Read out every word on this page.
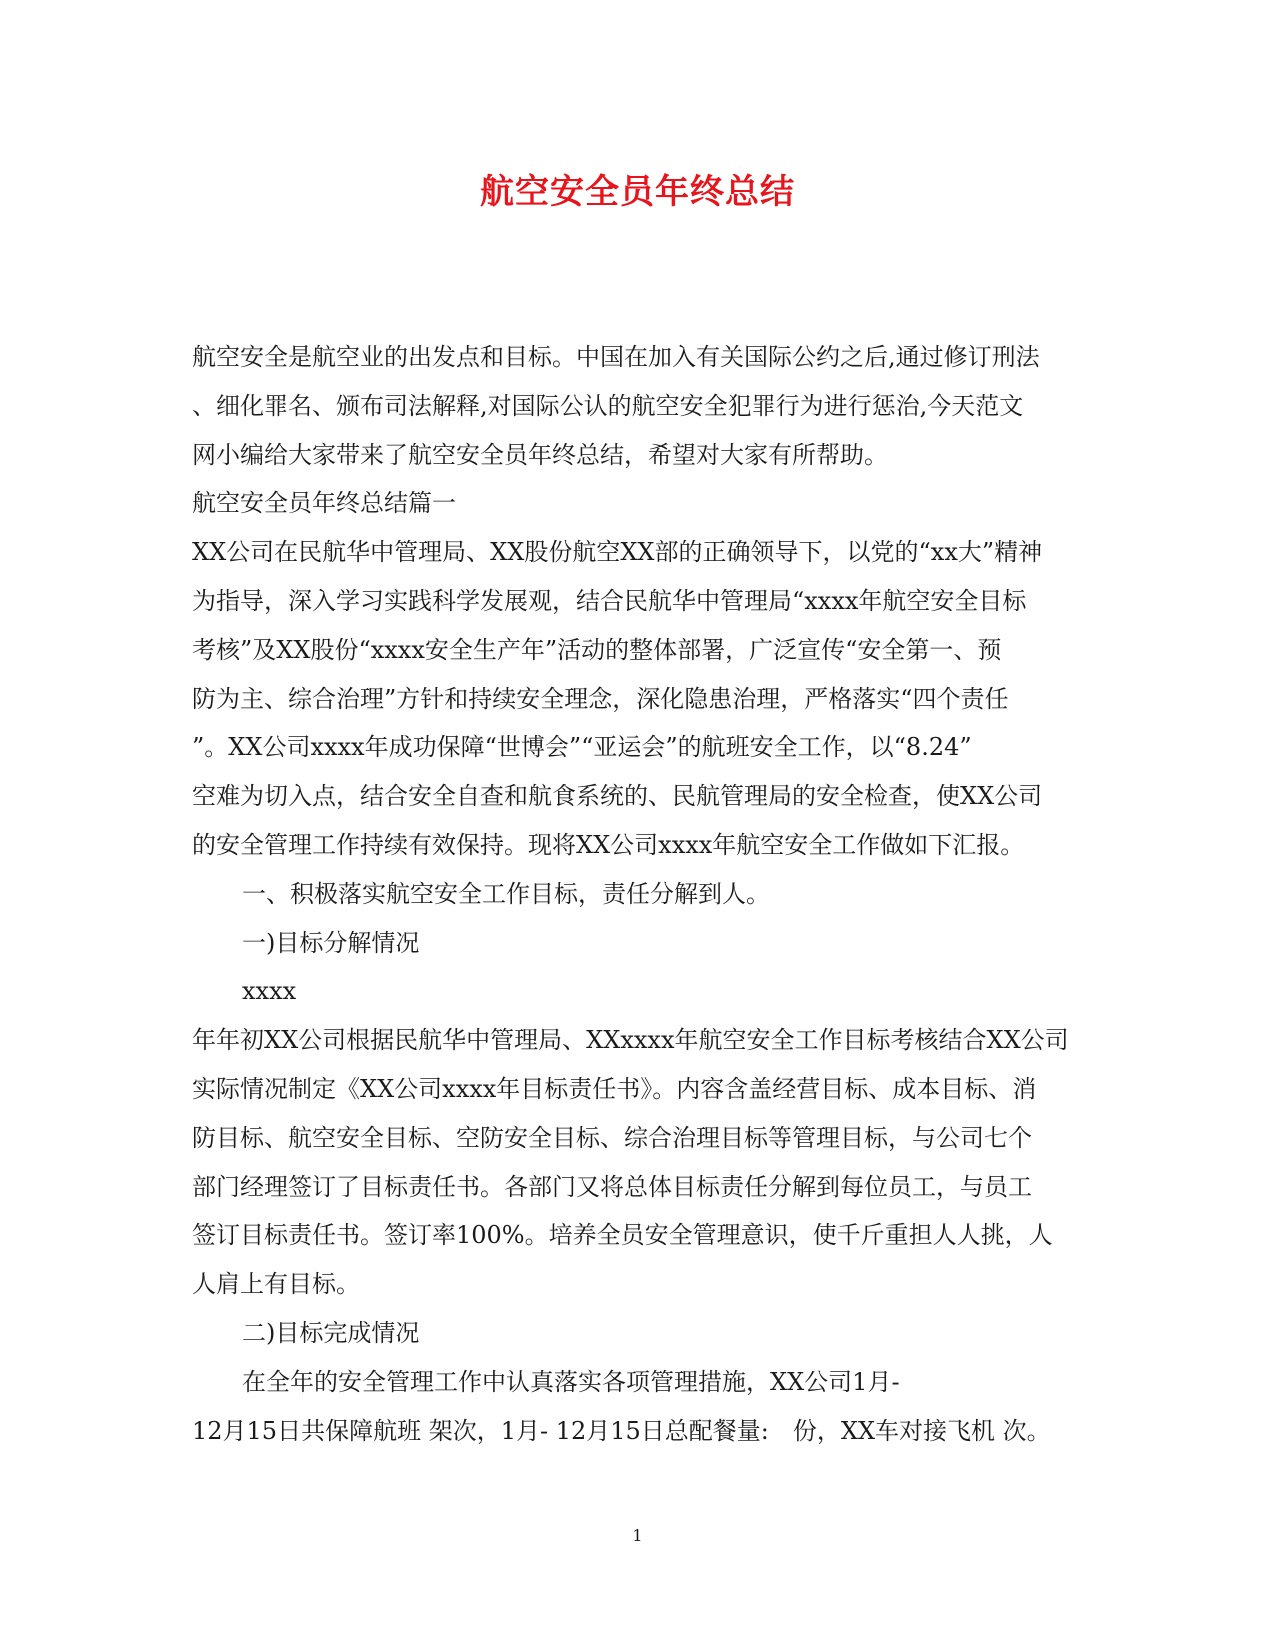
航空安全员年终总结

航空安全是航空业的出发点和目标。中国在加入有关国际公约之后,通过修订刑法

、细化罪名、颁布司法解释,对国际公认的航空安全犯罪行为进行惩治,今天范文

网小编给大家带来了航空安全员年终总结，希望对大家有所帮助。

航空安全员年终总结篇一

XX公司在民航华中管理局、XX股份航空XX部的正确领导下，以党的“xx大”精神

为指导，深入学习实践科学发展观，结合民航华中管理局“xxxx年航空安全目标

考核”及XX股份“xxxx安全生产年”活动的整体部署，广泛宣传“安全第一、预

防为主、综合治理”方针和持续安全理念，深化隐患治理，严格落实“四个责任

”。XX公司xxxx年成功保障“世博会”“亚运会”的航班安全工作，以“8.24”

空难为切入点，结合安全自查和航食系统的、民航管理局的安全检查，使XX公司

的安全管理工作持续有效保持。现将XX公司xxxx年航空安全工作做如下汇报。

一、积极落实航空安全工作目标，责任分解到人。

一)目标分解情况

xxxx

年年初XX公司根据民航华中管理局、XXxxxx年航空安全工作目标考核结合XX公司

实际情况制定《XX公司xxxx年目标责任书》。内容含盖经营目标、成本目标、消

防目标、航空安全目标、空防安全目标、综合治理目标等管理目标，与公司七个

部门经理签订了目标责任书。各部门又将总体目标责任分解到每位员工，与员工

签订目标责任书。签订率100%。培养全员安全管理意识，使千斤重担人人挑，人

人肩上有目标。

二)目标完成情况

在全年的安全管理工作中认真落实各项管理措施，XX公司1月-

12月15日共保障航班 架次，1月- 12月15日总配餐量:　份，XX车对接飞机 次。

1
